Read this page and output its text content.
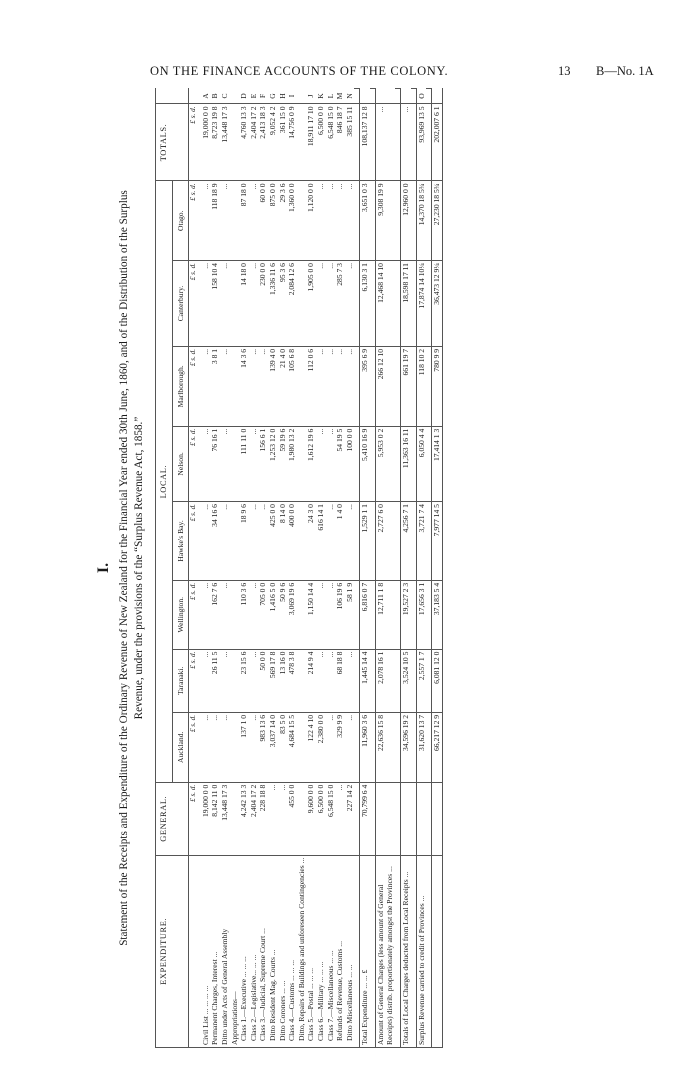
ON THE FINANCE ACCOUNTS OF THE COLONY.	13 B—No. 1A
I. Statement of the Receipts and Expenditure of the Ordinary Revenue of New Zealand for the Financial Year ended 30th June, 1860, and of the Distribution of the Surplus Revenue, under the provisions of the “Surplus Revenue Act, 1858.”
EXPENDITURE.	GENERAL.	LOCAL.								TOTALS.	
		Auckland.	Taranaki.	Wellington.	Hawke's Bay.	Nelson.	Marlborough.	Canterbury.	Otago.		
	£ s. d.	£ s. d.	£ s. d.	£ s. d.	£ s. d.	£ s. d.	£ s. d.	£ s. d.	£ s. d.	£ s. d.	
Civil List ... ... ... ...	19,000 0 0	...	...	...	...	...	...	...	...	19,000 0 0	A
Permanent Charges, Interest ...	8,142 11 0	...	26 11 5	162 7 6	34 16 6	76 16 1	3 8 1	158 10 4	118 18 9	8,723 19 8	B
Ditto under Acts of General Assembly	13,448 17 3	...	...	...	...	...	...	...	...	13,448 17 3	C
Appropriations—											
Class 1.—Executive ... ... ...	4,242 13 3	137 1 0	23 15 6	110 3 6	18 9 6	111 11 0	14 3 6	14 18 0	87 18 0	4,760 13 3	D
Class 2.—Legislative... ... ...	2,404 17 2	...	...	...	...	...	...	...	...	2,404 17 2	E
Class 3.—Judicial, Supreme Court ...	228 18 8	983 13 6	50 0 0	705 0 0	...	156 6 1	...	230 0 0	60 0 0	2,413 18 3	F
Ditto Resident Mag. Courts ...	...	3,037 14 0	569 17 8	1,416 5 0	425 0 0	1,253 12 0	139 4 0	1,336 11 6	875 0 0	9,052 4 2	G
Ditto Coroners ... ...	...	83 5 0	13 16 0	50 9 6	8 14 0	59 19 6	21 4 0	95 3 6	29 3 6	361 15 0	H
Class 4.—Customs ... ... ...	455 0 0	4,684 15 5	478 3 8	3,069 19 6	400 0 0	1,980 13 2	105 6 8	2,084 12 6	1,360 0 0	14,756 0 9	I
Ditto, Repairs of Buildings and unforeseen Contingencies ...											
Class 5.—Postal ... ... ...	9,600 0 0	122 4 10	214 9 4	1,150 14 4	24 3 0	1,612 19 6	112 0 6	1,905 0 0	1,120 0 0	18,911 17 10	J
Class 6.—Military ... ... ...	6,500 0 0	2,380 0 0	...	...	616 14 1	...	...	...	...	6,500 0 0	K
Class 7.—Miscellaneous ... ...	6,548 15 0	...	...	...	...	...	...	...	...	6,548 15 0	L
Refunds of Revenue, Customs ...	...	329 9 9	68 18 8	106 19 6	1 4 0	54 19 5	...	285 7 3	...	846 18 7	M
Ditto Miscellaneous ... ...	227 14 2	...	...	58 1 9	...	100 0 0	...	...	...	385 15 11	N

Total Expenditure ... ... £	70,799 6 4	11,960 3 6	1,445 14 4	6,816 0 7	1,529 1 1	5,410 16 9	395 6 9	6,130 3 1	3,651 0 3	108,137 12 8	

Amount of General Charges (less amount of General Receipts) distrib. proportionately amongst the Provinces ...		22,636 15 8	2,078 16 1	12,711 1 8	2,727 6 0	5,953 0 2	266 12 10	12,468 14 10	9,308 19 9	...	

Totals of Local Charges deducted from Local Receipts ...		34,596 19 2	3,524 10 5	19,527 2 3	4,256 7 1	11,363 16 11	661 19 7	18,598 17 11	12,960 0 0	...	

Surplus Revenue carried to credit of Provinces ...		31,620 13 7	2,557 1 7	17,656 3 1	3,721 7 4	6,050 4 4	118 10 2	17,874 14 10¼	14,370 18 5¾	93,969 13 5	O

		66,217 12 9	6,081 12 0	37,183 5 4	7,977 14 5	17,414 1 3	780 9 9	36,473 12 9¼	27,230 18 5¾	202,007 6 1	
